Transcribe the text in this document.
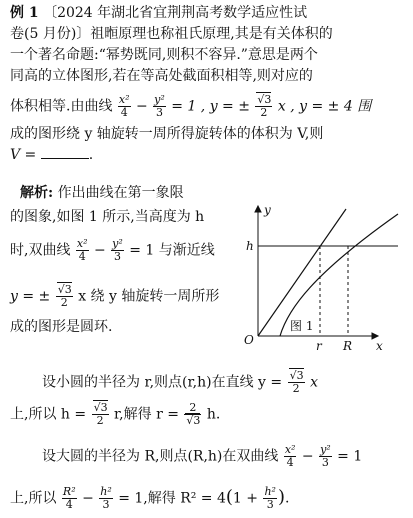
例 1 〔2024 年湖北省宜荆荆高考数学适应性试
卷(5 月份)〕祖暅原理也称祖氏原理,其是有关体积的
一个著名命题:“幂势既同,则积不容异.”意思是两个
同高的立体图形,若在等高处截面积相等,则对应的
体积相等.由曲线 $\frac{\text{x²}}{4} - \frac{\text{y²}}{3} = 1$ , y = ± $\frac{√3}{2}$ x , y = ± 4 围
成的图形绕 y 轴旋转一周所得旋转体的体积为 V,则
V =	.
解析: 作出曲线在第一象限
的图象,如图 1 所示,当高度为 h
时,双曲线 $\frac{\text{x²}}{4} - \frac{\text{y²}}{3} = 1$ 与渐近线
y = ± $\frac{√3}{2}$ x 绕 y 轴旋转一周所形
成的图形是圆环.
h
y
O	r R x
图 1
设小圆的半径为 r,则点(r,h)在直线 $y = \frac{√3}{2}$ x
上,所以 $h = \frac{√3}{2} r$,解得 $r = \frac{2}{√3} h$.
设大圆的半径为 R,则点(R,h)在双曲线 $\frac{\text{x²}}{4} - \frac{\text{y²}}{3} = 1$
上,所以 $\frac{\text{R²}}{4} - \frac{\text{h²}}{3} = 1$,解得 $R^2 = 4(1 + \frac{\text{h²}}{3}$ ).
